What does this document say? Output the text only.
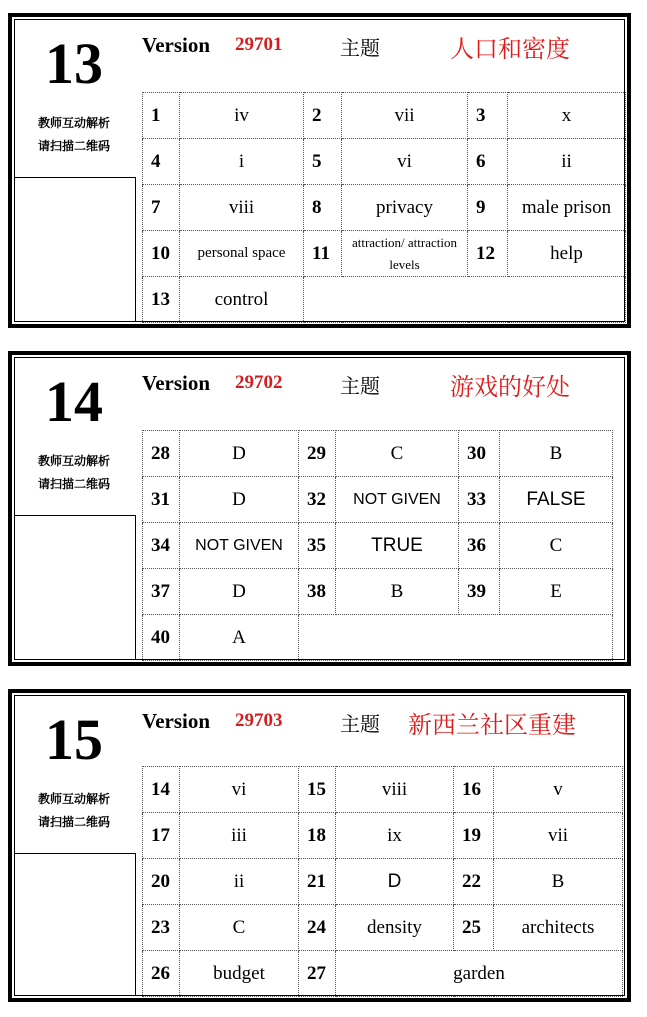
13
教师互动解析
请扫描二维码
Version 29701	主题	人口和密度
1	iv	2	vii	3	x
4	i	5	vi	6	ii
7	viii	8	privacy	9	male prison
10	personal space	11	attraction/ attraction levels	12	help
13	control				
14
教师互动解析
请扫描二维码
Version 29702	主题	游戏的好处
28	D	29	C	30	B
31	D	32	NOT GIVEN	33	FALSE
34	NOT GIVEN	35	TRUE	36	C
37	D	38	B	39	E
40	A				
15
教师互动解析
请扫描二维码
Version 29703	主题 新西兰社区重建
14	vi	15	viii	16	v
17	iii	18	ix	19	vii
20	ii	21	D	22	B
23	C	24	density	25	architects
26	budget	27	garden		
